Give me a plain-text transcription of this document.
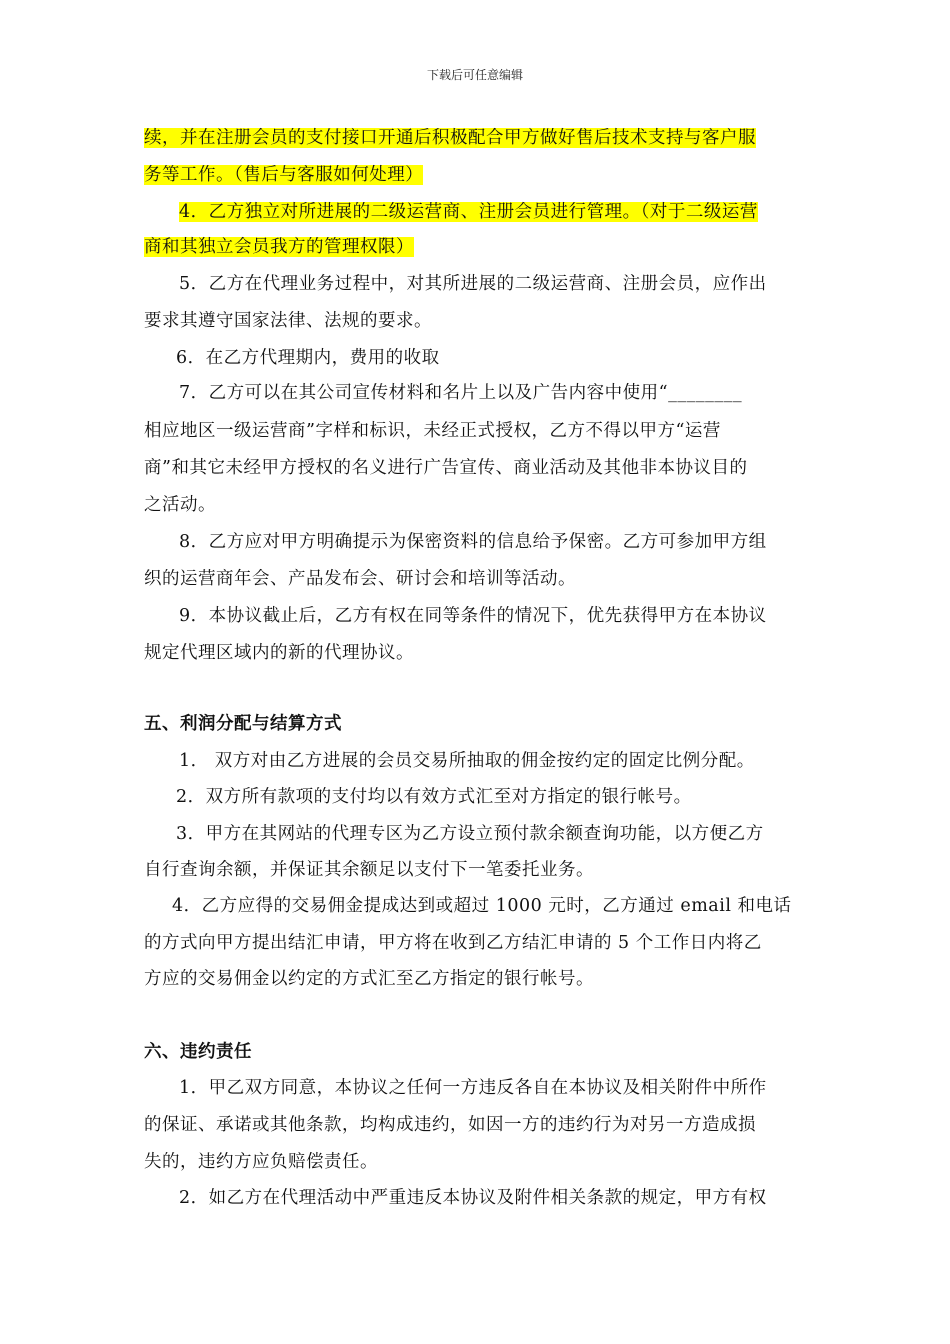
下载后可任意编辑
续，并在注册会员的支付接口开通后积极配合甲方做好售后技术支持与客户服
务等工作。（售后与客服如何处理）
4．乙方独立对所进展的二级运营商、注册会员进行管理。（对于二级运营
商和其独立会员我方的管理权限）
5．乙方在代理业务过程中，对其所进展的二级运营商、注册会员，应作出
要求其遵守国家法律、法规的要求。
6．在乙方代理期内，费用的收取
7．乙方可以在其公司宣传材料和名片上以及广告内容中使用“________
相应地区一级运营商”字样和标识，未经正式授权，乙方不得以甲方“运营
商”和其它未经甲方授权的名义进行广告宣传、商业活动及其他非本协议目的
之活动。
8．乙方应对甲方明确提示为保密资料的信息给予保密。乙方可参加甲方组
织的运营商年会、产品发布会、研讨会和培训等活动。
9．本协议截止后，乙方有权在同等条件的情况下，优先获得甲方在本协议
规定代理区域内的新的代理协议。
五、利润分配与结算方式
1． 双方对由乙方进展的会员交易所抽取的佣金按约定的固定比例分配。
2．双方所有款项的支付均以有效方式汇至对方指定的银行帐号。
3．甲方在其网站的代理专区为乙方设立预付款余额查询功能，以方便乙方
自行查询余额，并保证其余额足以支付下一笔委托业务。
4．乙方应得的交易佣金提成达到或超过 1000 元时，乙方通过 email 和电话
的方式向甲方提出结汇申请，甲方将在收到乙方结汇申请的 5 个工作日内将乙
方应的交易佣金以约定的方式汇至乙方指定的银行帐号。
六、违约责任
1．甲乙双方同意，本协议之任何一方违反各自在本协议及相关附件中所作
的保证、承诺或其他条款，均构成违约，如因一方的违约行为对另一方造成损
失的，违约方应负赔偿责任。
2．如乙方在代理活动中严重违反本协议及附件相关条款的规定，甲方有权
